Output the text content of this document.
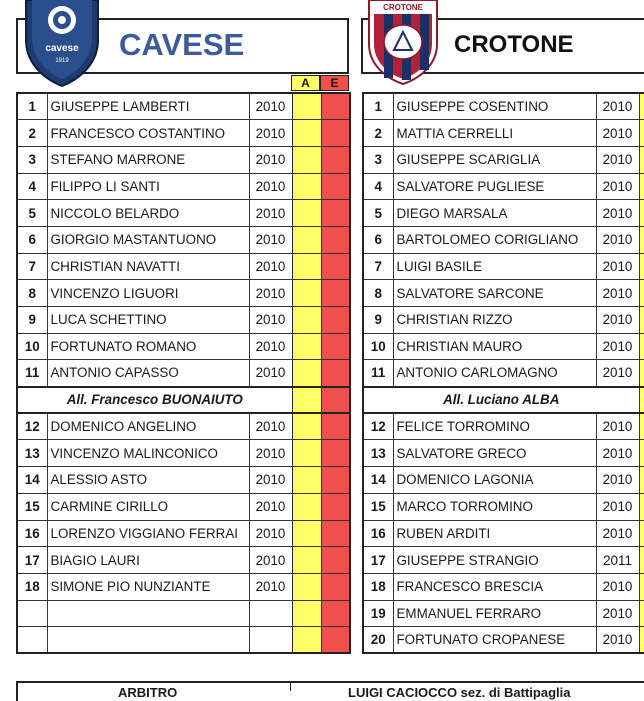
cavese
1919 CAVESE
CROTONE
CROTONE
A	E
1	GIUSEPPE LAMBERTI	2010		
2	FRANCESCO COSTANTINO	2010		
3	STEFANO MARRONE	2010		
4	FILIPPO LI SANTI	2010		
5	NICCOLO BELARDO	2010		
6	GIORGIO MASTANTUONO	2010		
7	CHRISTIAN NAVATTI	2010		
8	VINCENZO LIGUORI	2010		
9	LUCA SCHETTINO	2010		
10	FORTUNATO ROMANO	2010		
11	ANTONIO CAPASSO	2010		
All. Francesco BUONAIUTO				
12	DOMENICO ANGELINO	2010		
13	VINCENZO MALINCONICO	2010		
14	ALESSIO ASTO	2010		
15	CARMINE CIRILLO	2010		
16	LORENZO VIGGIANO FERRAI	2010		
17	BIAGIO LAURI	2010		
18	SIMONE PIO NUNZIANTE	2010		

1	GIUSEPPE COSENTINO	2010	
2	MATTIA CERRELLI	2010	
3	GIUSEPPE SCARIGLIA	2010	
4	SALVATORE PUGLIESE	2010	
5	DIEGO MARSALA	2010	
6	BARTOLOMEO CORIGLIANO	2010	
7	LUIGI BASILE	2010	
8	SALVATORE SARCONE	2010	
9	CHRISTIAN RIZZO	2010	
10	CHRISTIAN MAURO	2010	
11	ANTONIO CARLOMAGNO	2010	
All. Luciano ALBA			
12	FELICE TORROMINO	2010	
13	SALVATORE GRECO	2010	
14	DOMENICO LAGONIA	2010	
15	MARCO TORROMINO	2010	
16	RUBEN ARDITI	2010	
17	GIUSEPPE STRANGIO	2011	
18	FRANCESCO BRESCIA	2010	
19	EMMANUEL FERRARO	2010	
20	FORTUNATO CROPANESE	2010	
ARBITRO	LUIGI CACIOCCO sez. di Battipaglia
